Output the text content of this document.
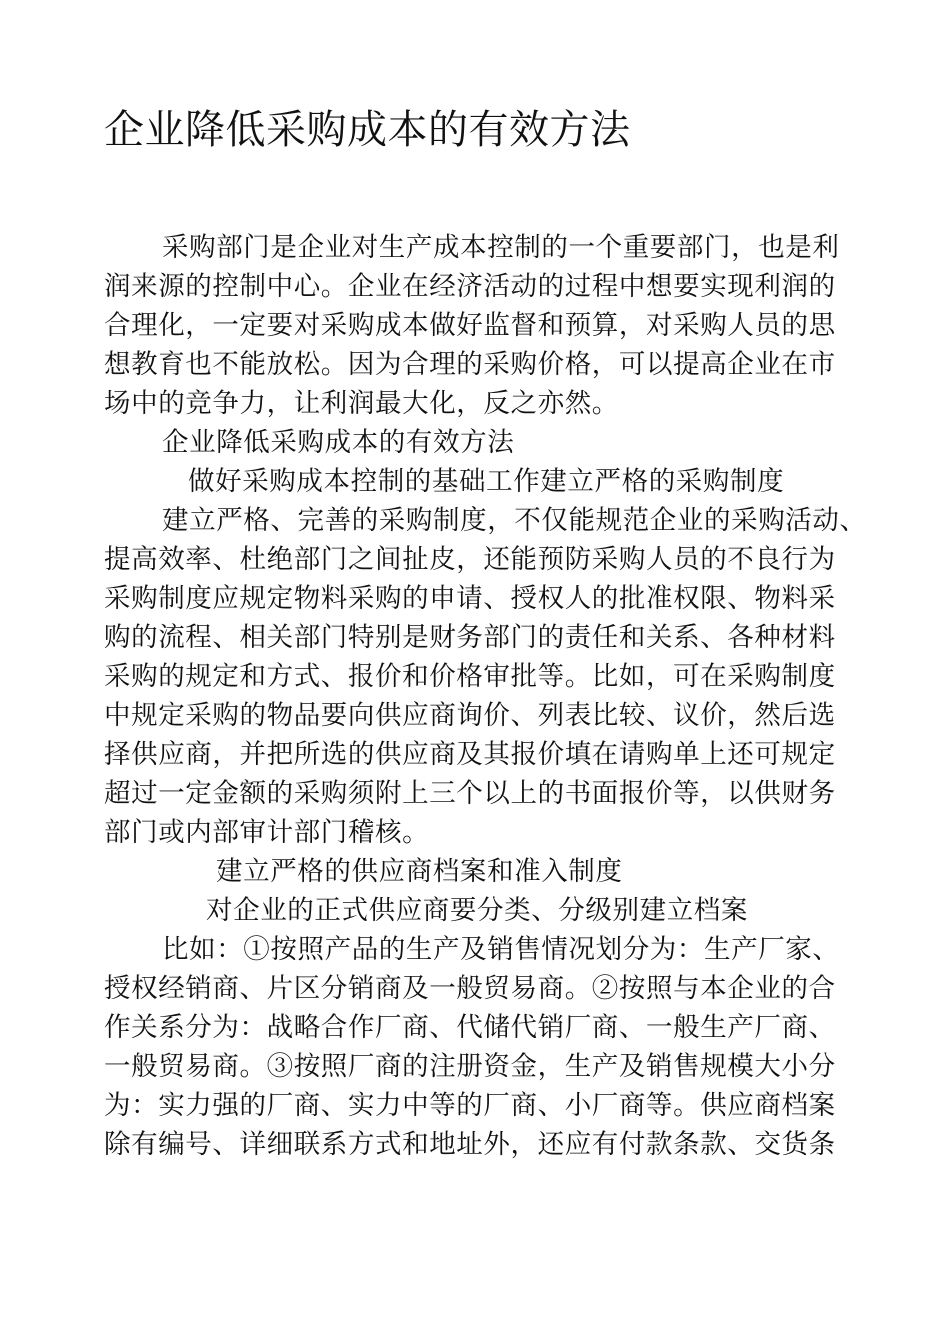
企业降低采购成本的有效方法

采购部门是企业对生产成本控制的一个重要部门，也是利

润来源的控制中心。企业在经济活动的过程中想要实现利润的

合理化，一定要对采购成本做好监督和预算，对采购人员的思

想教育也不能放松。因为合理的采购价格，可以提高企业在市

场中的竞争力，让利润最大化，反之亦然。

企业降低采购成本的有效方法

做好采购成本控制的基础工作建立严格的采购制度

建立严格、完善的采购制度，不仅能规范企业的采购活动、

提高效率、杜绝部门之间扯皮，还能预防采购人员的不良行为

采购制度应规定物料采购的申请、授权人的批准权限、物料采

购的流程、相关部门特别是财务部门的责任和关系、各种材料

采购的规定和方式、报价和价格审批等。比如，可在采购制度

中规定采购的物品要向供应商询价、列表比较、议价，然后选

择供应商，并把所选的供应商及其报价填在请购单上还可规定

超过一定金额的采购须附上三个以上的书面报价等，以供财务

部门或内部审计部门稽核。

建立严格的供应商档案和准入制度

对企业的正式供应商要分类、分级别建立档案

比如：①按照产品的生产及销售情况划分为：生产厂家、

授权经销商、片区分销商及一般贸易商。②按照与本企业的合

作关系分为：战略合作厂商、代储代销厂商、一般生产厂商、

一般贸易商。③按照厂商的注册资金，生产及销售规模大小分

为：实力强的厂商、实力中等的厂商、小厂商等。供应商档案

除有编号、详细联系方式和地址外，还应有付款条款、交货条
